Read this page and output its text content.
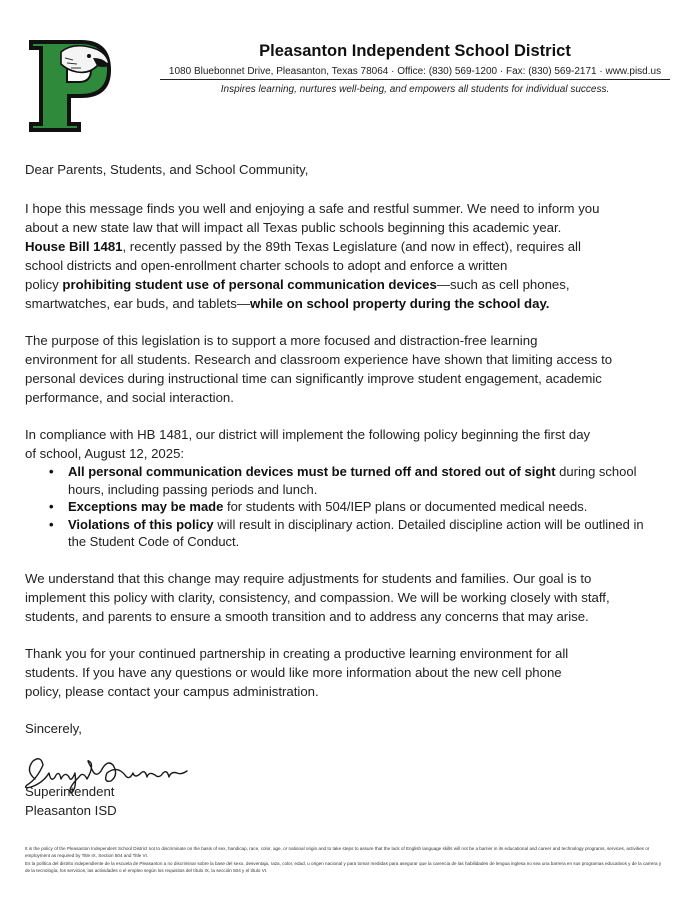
Pleasanton Independent School District
1080 Bluebonnet Drive, Pleasanton, Texas 78064 · Office: (830) 569-1200 · Fax: (830) 569-2171 · www.pisd.us
Inspires learning, nurtures well-being, and empowers all students for individual success.

Dear Parents, Students, and School Community,

I hope this message finds you well and enjoying a safe and restful summer. We need to inform you
about a new state law that will impact all Texas public schools beginning this academic year.
House Bill 1481, recently passed by the 89th Texas Legislature (and now in effect), requires all
school districts and open-enrollment charter schools to adopt and enforce a written
policy prohibiting student use of personal communication devices—such as cell phones,
smartwatches, ear buds, and tablets—while on school property during the school day.

The purpose of this legislation is to support a more focused and distraction-free learning
environment for all students. Research and classroom experience have shown that limiting access to
personal devices during instructional time can significantly improve student engagement, academic
performance, and social interaction.

In compliance with HB 1481, our district will implement the following policy beginning the first day
of school, August 12, 2025:

• All personal communication devices must be turned off and stored out of sight during school
hours, including passing periods and lunch.
• Exceptions may be made for students with 504/IEP plans or documented medical needs.
• Violations of this policy will result in disciplinary action. Detailed discipline action will be outlined in
the Student Code of Conduct.

We understand that this change may require adjustments for students and families. Our goal is to
implement this policy with clarity, consistency, and compassion. We will be working closely with staff,
students, and parents to ensure a smooth transition and to address any concerns that may arise.

Thank you for your continued partnership in creating a productive learning environment for all
students. If you have any questions or would like more information about the new cell phone
policy, please contact your campus administration.

Sincerely,

Superintendent

Pleasanton ISD

It is the policy of the Pleasanton Independent School District not to discriminate on the basis of sex, handicap, race, color, age, or national origin and to take steps to assure that the lack of English language skills will not be a barrier in its educational and career and technology programs, services, activities or employment as required by Title IX, Section 504 and Title VI.

Es la política del distrito independiente de la escuela de Pleasanton a no discriminar sobre la base del sexo, desventaja, raza, color, edad, u origen nacional y para tomar medidas para asegurar que la carencia de las habilidades de lengua inglesa no sea una barrera en sus programas educativos y de la carrera y de la tecnología, los servicios, las actividades o el empleo según los requisitos del título IX, la sección 504 y el título VI.
